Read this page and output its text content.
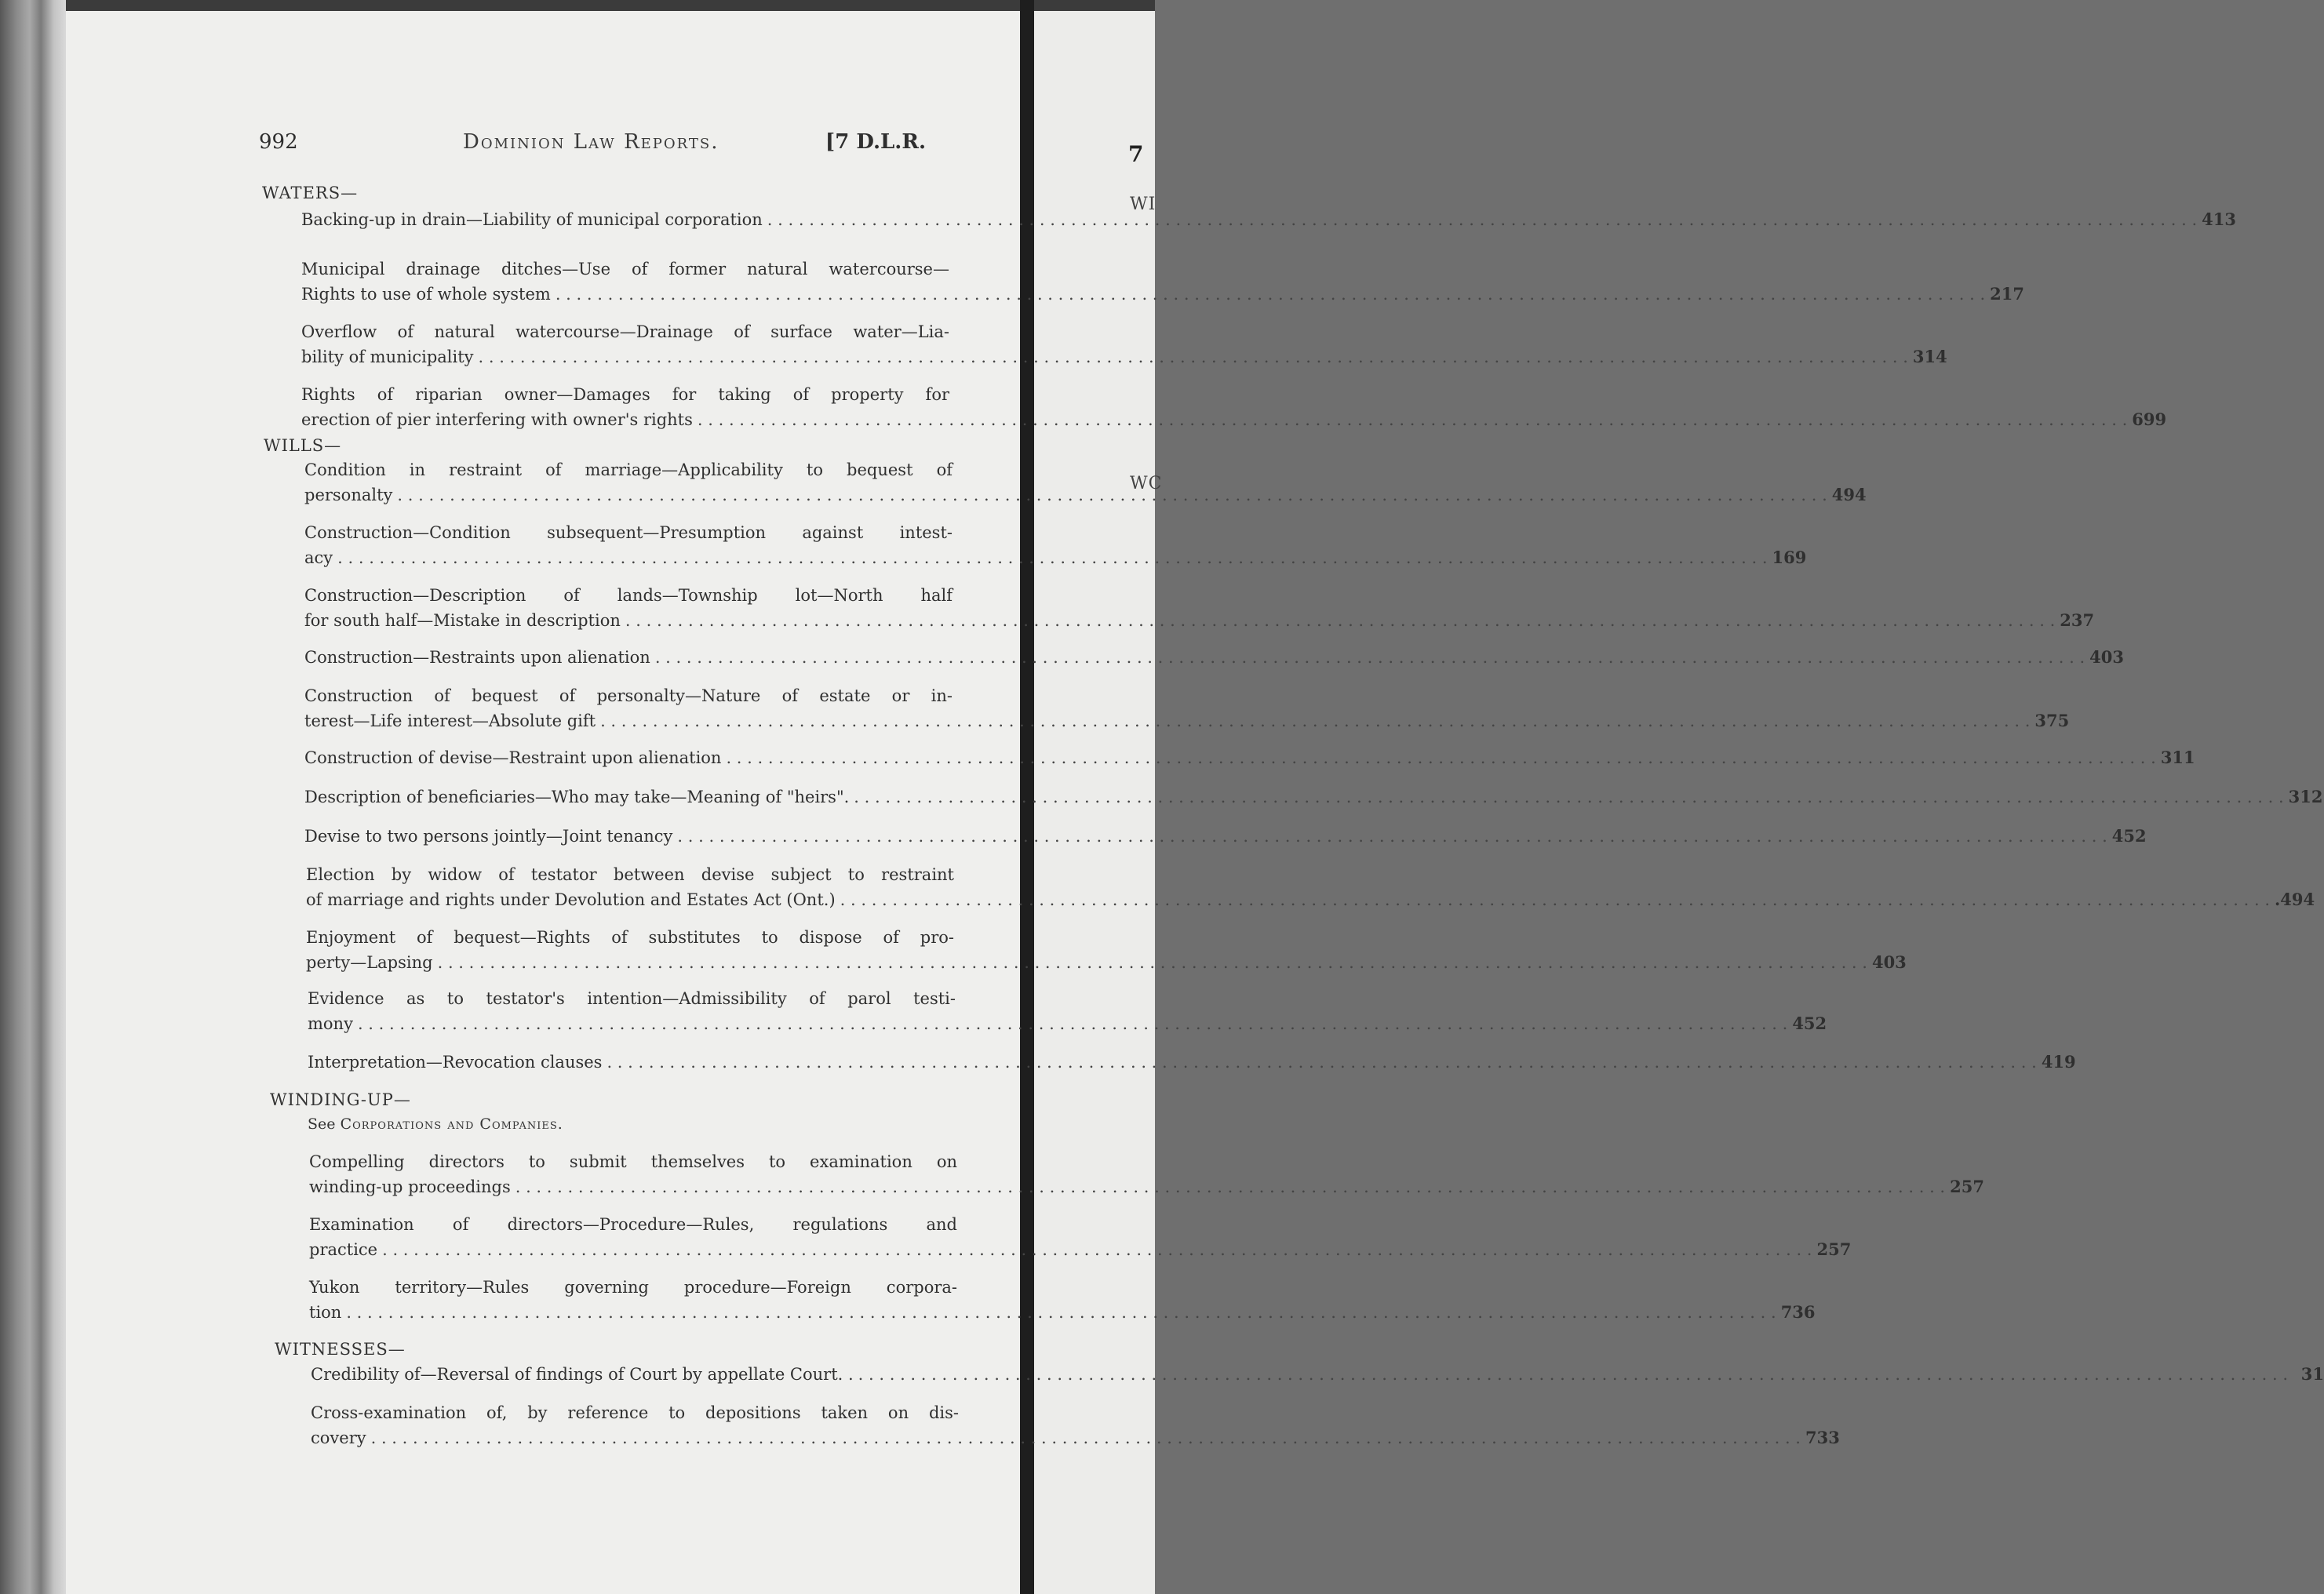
7
WI
WC
992	Dominion Law Reports.	[7 D.L.R.
WATERS—
Backing-up in drain—Liability of municipal corporation . . .	413
Municipal drainage ditches—Use of former natural watercourse—
Rights to use of whole system . . .	217
Overflow of natural watercourse—Drainage of surface water—Lia-
bility of municipality . . .	314
Rights of riparian owner—Damages for taking of property for
erection of pier interfering with owner's rights . . .	699
WILLS—
Condition in restraint of marriage—Applicability to bequest of
personalty . . .	494
Construction—Condition subsequent—Presumption against intest-
acy . . .	169
Construction—Description of lands—Township lot—North half
for south half—Mistake in description . . .	237
Construction—Restraints upon alienation . . .	403
Construction of bequest of personalty—Nature of estate or in-
terest—Life interest—Absolute gift . . .	375
Construction of devise—Restraint upon alienation . . .	311
Description of beneficiaries—Who may take—Meaning of "heirs". . . .	312
Devise to two persons jointly—Joint tenancy . . .	452
Election by widow of testator between devise subject to restraint
of marriage and rights under Devolution and Estates Act (Ont.) . . .	.494
Enjoyment of bequest—Rights of substitutes to dispose of pro-
perty—Lapsing . . .	403
Evidence as to testator's intention—Admissibility of parol testi-
mony . . .	452
Interpretation—Revocation clauses . . .	419
WINDING-UP—
See Corporations and Companies.
Compelling directors to submit themselves to examination on
winding-up proceedings . . .	257
Examination of directors—Procedure—Rules, regulations and
practice . . .	257
Yukon territory—Rules governing procedure—Foreign corpora-
tion . . .	736
WITNESSES—
Credibility of—Reversal of findings of Court by appellate Court. . . . .	31
Cross-examination of, by reference to depositions taken on dis-
covery . . .	733
